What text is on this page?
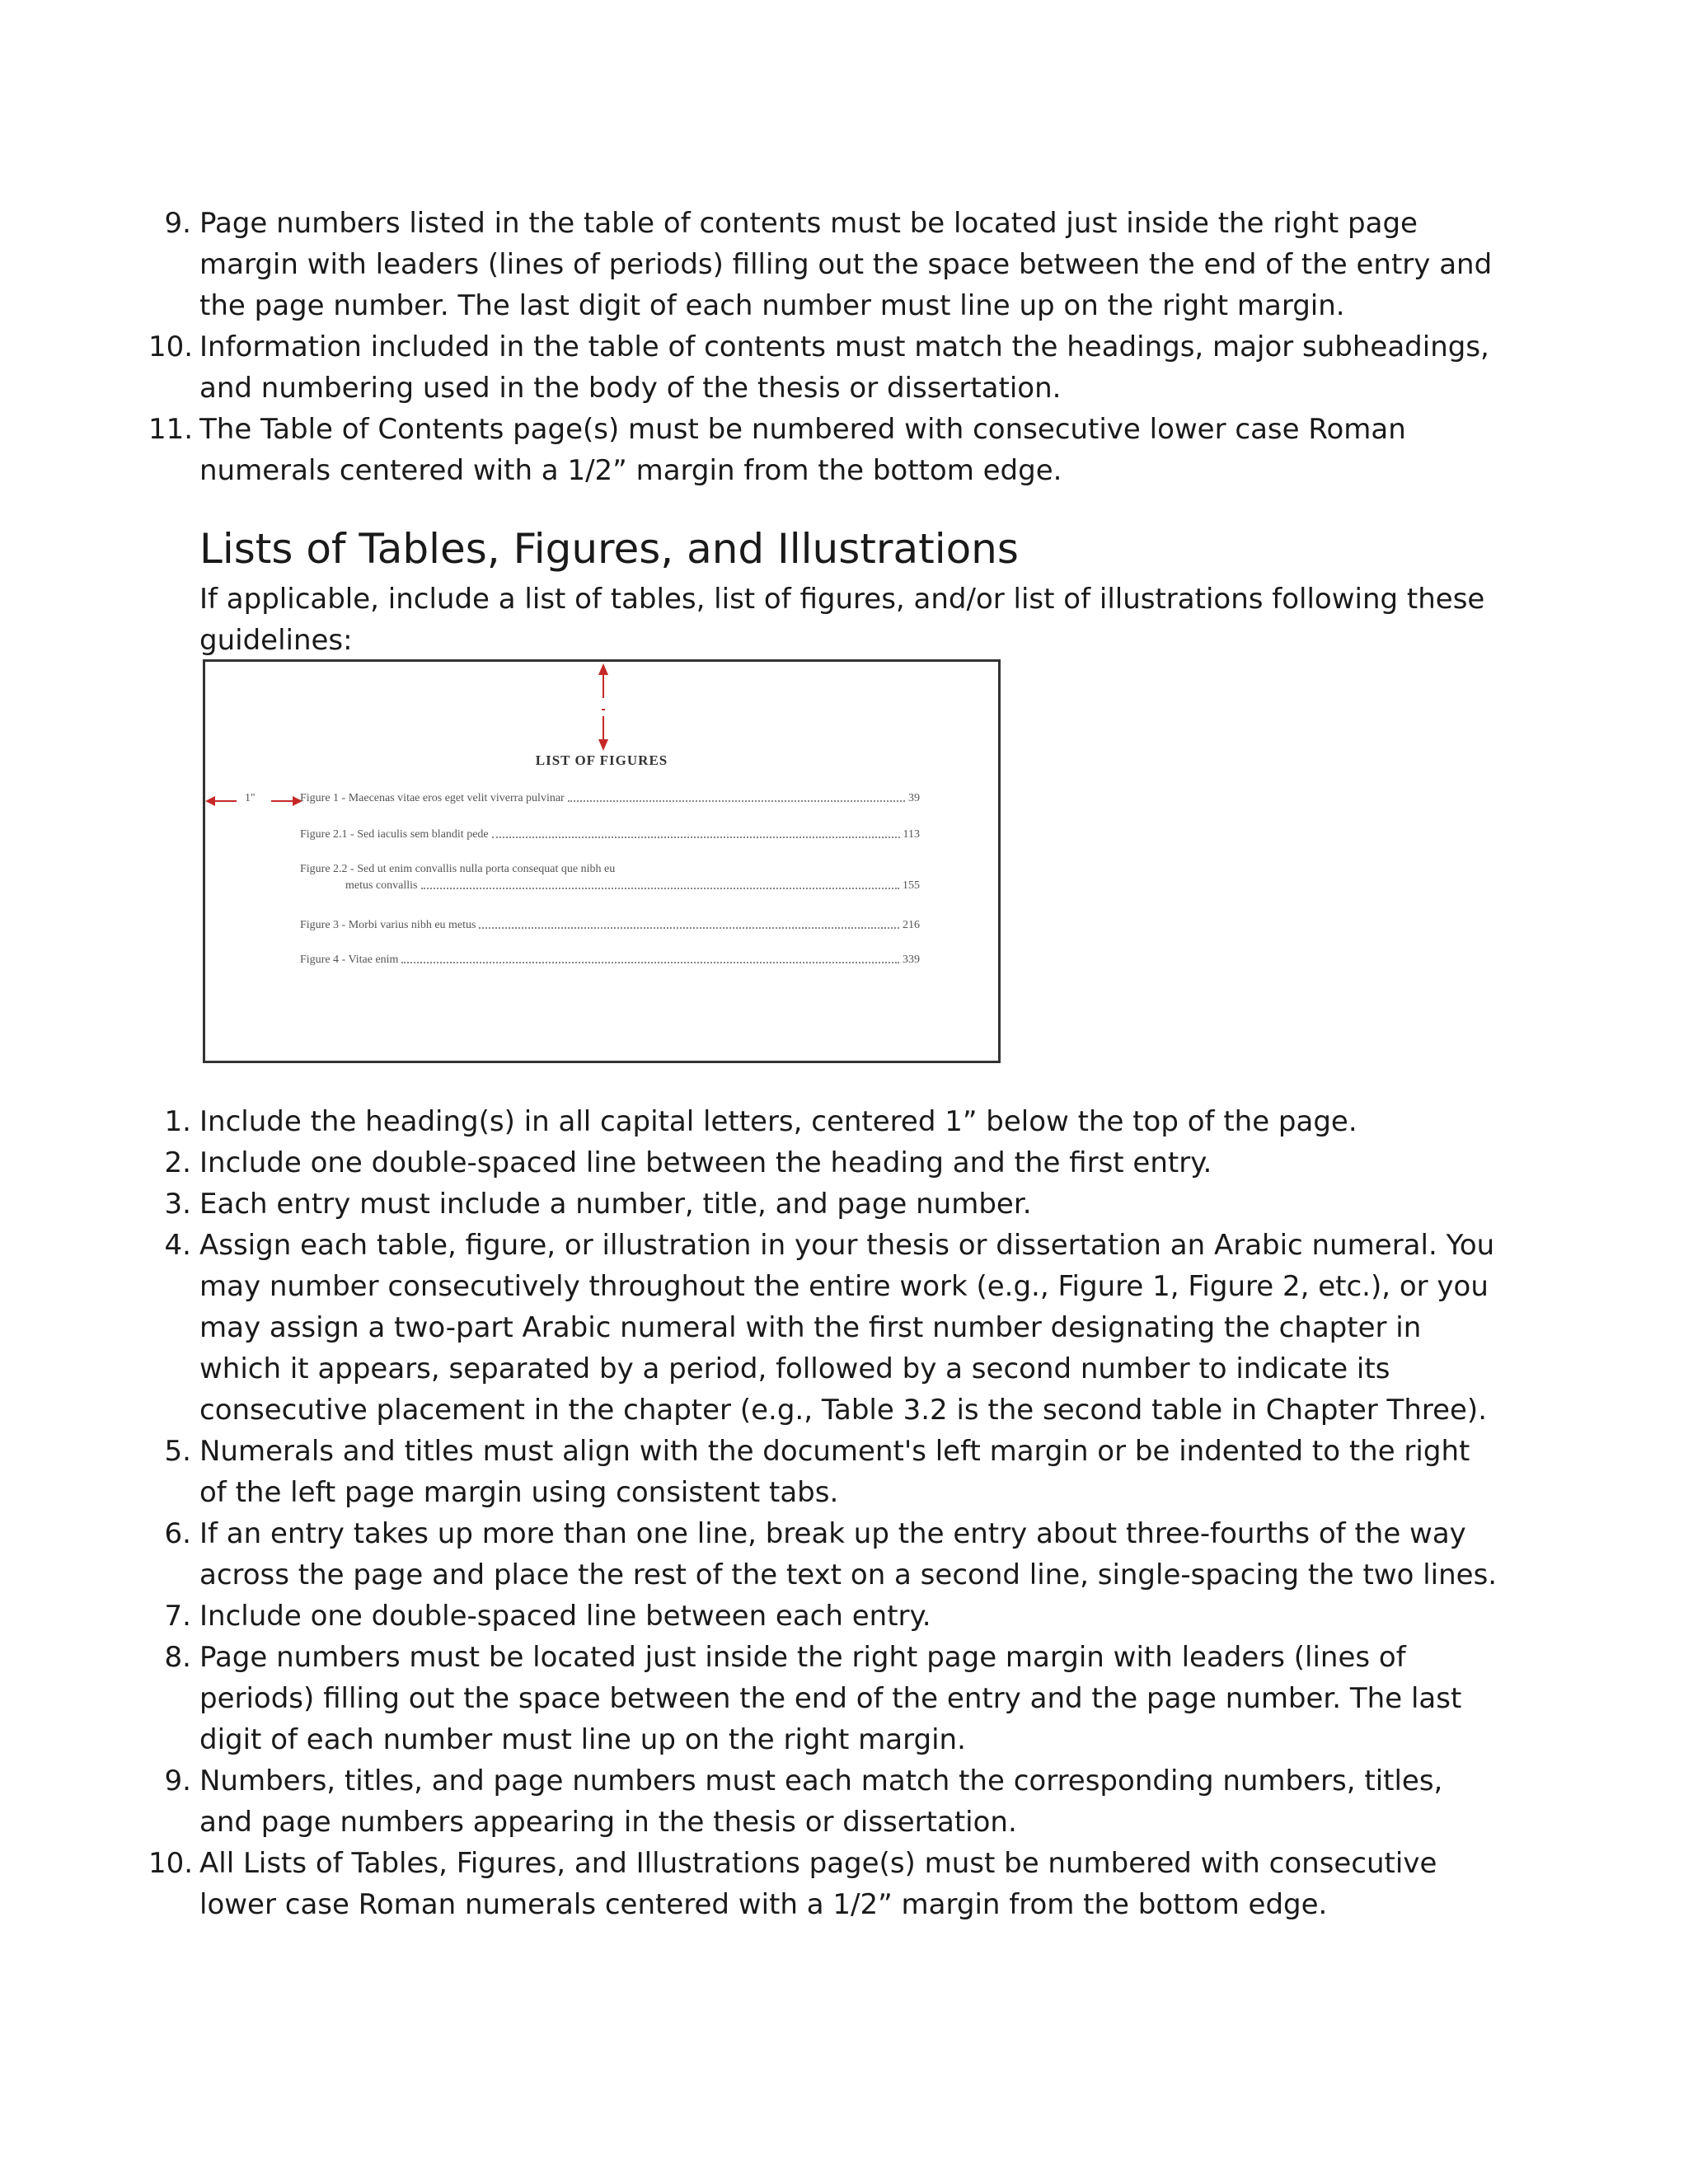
9. Page numbers listed in the table of contents must be located just inside the right page margin with leaders (lines of periods) filling out the space between the end of the entry and the page number. The last digit of each number must line up on the right margin.
10. Information included in the table of contents must match the headings, major subheadings, and numbering used in the body of the thesis or dissertation.
11. The Table of Contents page(s) must be numbered with consecutive lower case Roman numerals centered with a 1/2” margin from the bottom edge.
Lists of Tables, Figures, and Illustrations

If applicable, include a list of tables, list of figures, and/or list of illustrations following these guidelines:

LIST OF FIGURES
1"	Figure 1 - Maecenas vitae eros eget velit viverra pulvinar	39
Figure 2.1 - Sed iaculis sem blandit pede	113
Figure 2.2 - Sed ut enim convallis nulla porta consequat que nibh eu
metus convallis	155
Figure 3 - Morbi varius nibh eu metus	216
Figure 4 - Vitae enim	339
1. Include the heading(s) in all capital letters, centered 1” below the top of the page.
2. Include one double-spaced line between the heading and the first entry.
3. Each entry must include a number, title, and page number.
4. Assign each table, figure, or illustration in your thesis or dissertation an Arabic numeral. You may number consecutively throughout the entire work (e.g., Figure 1, Figure 2, etc.), or you may assign a two-part Arabic numeral with the first number designating the chapter in which it appears, separated by a period, followed by a second number to indicate its consecutive placement in the chapter (e.g., Table 3.2 is the second table in Chapter Three).
5. Numerals and titles must align with the document's left margin or be indented to the right of the left page margin using consistent tabs.
6. If an entry takes up more than one line, break up the entry about three-fourths of the way across the page and place the rest of the text on a second line, single-spacing the two lines.
7. Include one double-spaced line between each entry.
8. Page numbers must be located just inside the right page margin with leaders (lines of periods) filling out the space between the end of the entry and the page number. The last digit of each number must line up on the right margin.
9. Numbers, titles, and page numbers must each match the corresponding numbers, titles, and page numbers appearing in the thesis or dissertation.
10. All Lists of Tables, Figures, and Illustrations page(s) must be numbered with consecutive lower case Roman numerals centered with a 1/2” margin from the bottom edge.
